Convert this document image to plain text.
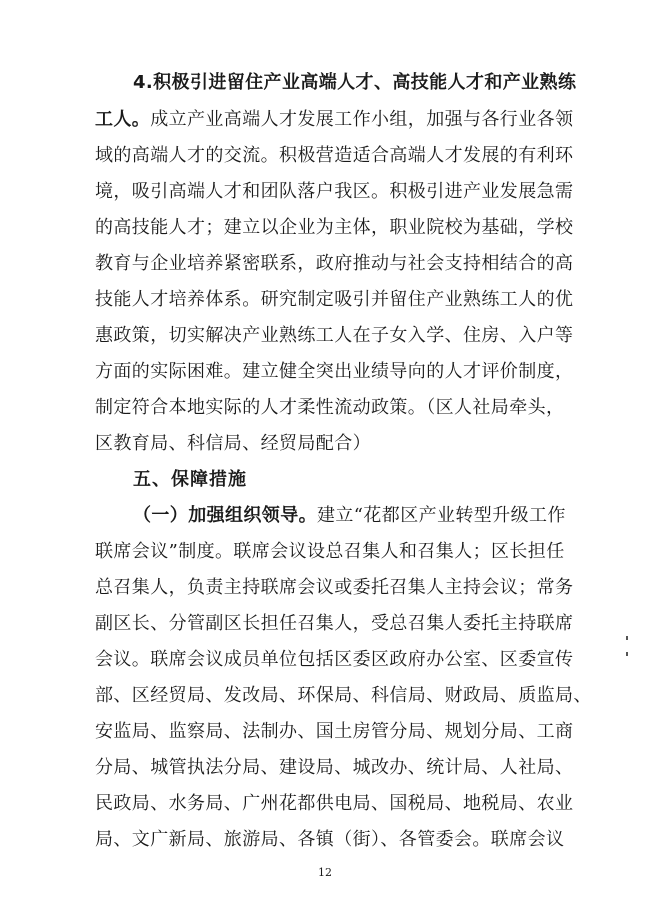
4.积极引进留住产业高端人才、高技能人才和产业熟练
工人。成立产业高端人才发展工作小组，加强与各行业各领
域的高端人才的交流。积极营造适合高端人才发展的有利环
境，吸引高端人才和团队落户我区。积极引进产业发展急需
的高技能人才；建立以企业为主体，职业院校为基础，学校
教育与企业培养紧密联系，政府推动与社会支持相结合的高
技能人才培养体系。研究制定吸引并留住产业熟练工人的优
惠政策，切实解决产业熟练工人在子女入学、住房、入户等
方面的实际困难。建立健全突出业绩导向的人才评价制度，
制定符合本地实际的人才柔性流动政策。（区人社局牵头，
区教育局、科信局、经贸局配合）
五、保障措施
（一）加强组织领导。建立“花都区产业转型升级工作
联席会议”制度。联席会议设总召集人和召集人；区长担任
总召集人，负责主持联席会议或委托召集人主持会议；常务
副区长、分管副区长担任召集人，受总召集人委托主持联席
会议。联席会议成员单位包括区委区政府办公室、区委宣传
部、区经贸局、发改局、环保局、科信局、财政局、质监局、
安监局、监察局、法制办、国土房管分局、规划分局、工商
分局、城管执法分局、建设局、城改办、统计局、人社局、
民政局、水务局、广州花都供电局、国税局、地税局、农业
局、文广新局、旅游局、各镇（街）、各管委会。联席会议
12
